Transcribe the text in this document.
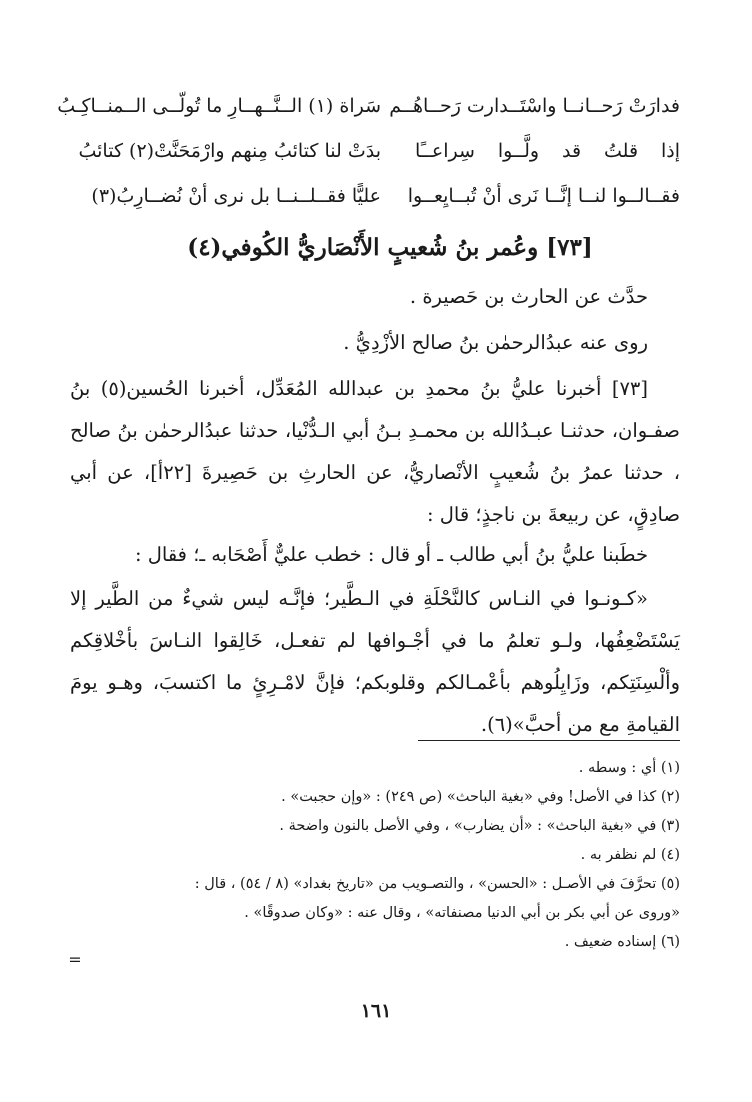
فدارَتْ رَحــانــا واسْتَــدارت رَحــاهُــم
سَراة (١) الــنَّــهــارِ ما تُولّــى الــمنــاكِـبُ
إذا قلتُ قد ولَّــوا سِراعــًا
بدَتْ لنا كتائبُ مِنهم وارْمَحَنَّتْ(٢) كتائبُ
فقــالــوا لنــا إنَّــا نَرى أنْ تُبــايِعــوا
عليًّا فقــلــنــا بل نرى أنْ نُضــارِبُ(٣)
[٧٣] وعُمر بنُ شُعيبٍ الأَنْصَاريُّ الكُوفي(٤)

حدَّث عن الحارث بن حَصيرة .

روى عنه عبدُالرحمٰن بنُ صالح الأزْدِيُّ .

[٧٣] أخبرنا عليُّ بنُ محمدِ بن عبدالله المُعَدِّل، أخبرنا الحُسين(٥) بنُ صفـوان، حدثنـا عبـدُالله بن محمـدِ بـنُ أبي الـدُّنْيا، حدثنا عبدُالرحمٰن بنُ صالح ، حدثنا عمرُ بنُ شُعيبٍ الأنْصاريُّ، عن الحارثِ بن حَصِيرةَ [٢٢أ]، عن أبي صادِقٍ، عن ربيعةَ بن ناجذٍ؛ قال :

خطَبنا عليُّ بنُ أبي طالب ـ أو قال : خطب عليٌّ أَصْحَابه ـ؛ فقال :

«كـونـوا في النـاس كالنَّحْلَةِ في الـطَّير؛ فإنَّـه ليس شيءٌ من الطَّير إلا يَسْتَضْعِفُها، ولـو تعلمُ ما في أجْـوافها لم تفعـل، خَالِقوا النـاسَ بأخْلاقِكم وألْسِنَتِكم، وزَايِلُوهم بأعْمـالكم وقلوبكم؛ فإنَّ لامْـرِئٍ ما اكتسبَ، وهـو يومَ القيامةِ مع من أحبَّ»(٦).

(١) أي : وسطه .
(٢) كذا في الأصل! وفي «بغية الباحث» (ص ٢٤٩) : «وإن حجبت» .
(٣) في «بغية الباحث» : «أن يضارب» ، وفي الأصل بالنون واضحة .
(٤) لم نظفر به .
(٥) تحرَّفَ في الأصـل : «الحسن» ، والتصـويب من «تاريخ بغداد» (٨ / ٥٤) ، قال :
«وروى عن أبي بكر بن أبي الدنيا مصنفاته» ، وقال عنه : «وكان صدوقًا» .
(٦) إسناده ضعيف .
=
١٦١
